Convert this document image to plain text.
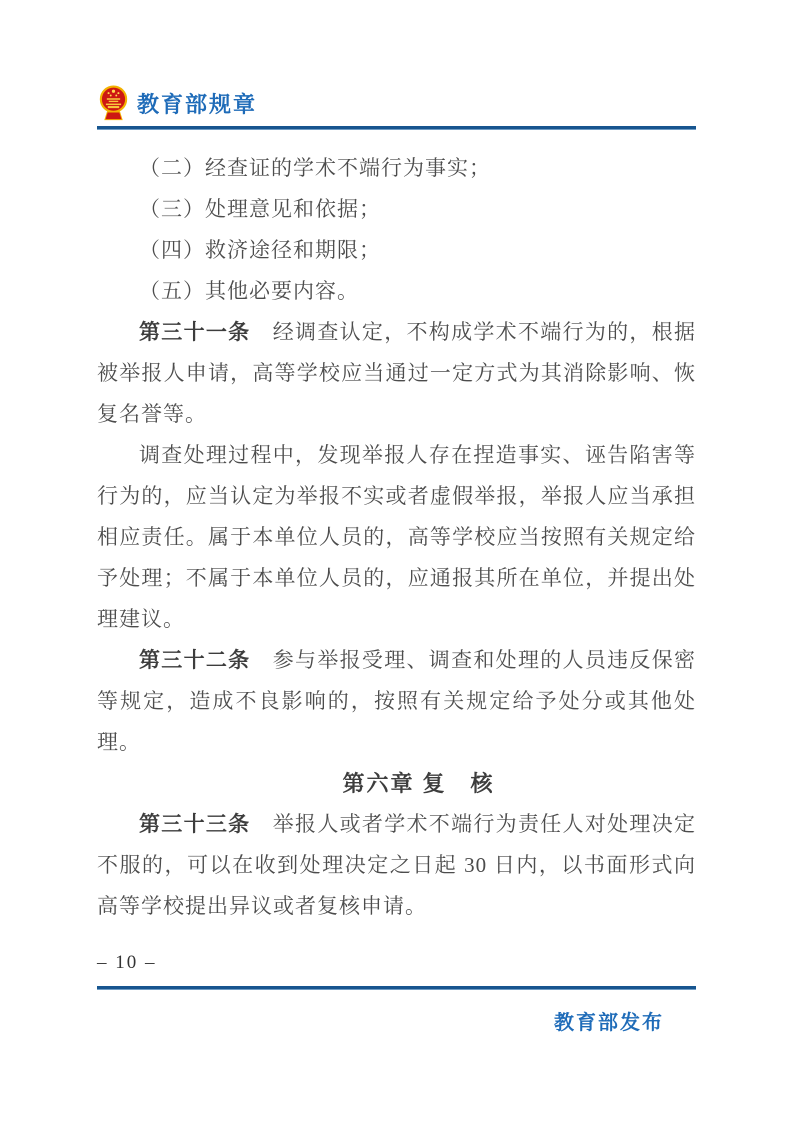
教育部规章

（二）经查证的学术不端行为事实；

（三）处理意见和依据；

（四）救济途径和期限；

（五）其他必要内容。

第三十一条　经调查认定，不构成学术不端行为的，根据被举报人申请，高等学校应当通过一定方式为其消除影响、恢复名誉等。

调查处理过程中，发现举报人存在捏造事实、诬告陷害等行为的，应当认定为举报不实或者虚假举报，举报人应当承担相应责任。属于本单位人员的，高等学校应当按照有关规定给予处理；不属于本单位人员的，应通报其所在单位，并提出处理建议。

第三十二条　参与举报受理、调查和处理的人员违反保密等规定，造成不良影响的，按照有关规定给予处分或其他处理。

第六章 复　核

第三十三条　举报人或者学术不端行为责任人对处理决定不服的，可以在收到处理决定之日起 30 日内，以书面形式向高等学校提出异议或者复核申请。

– 10 –
教育部发布
